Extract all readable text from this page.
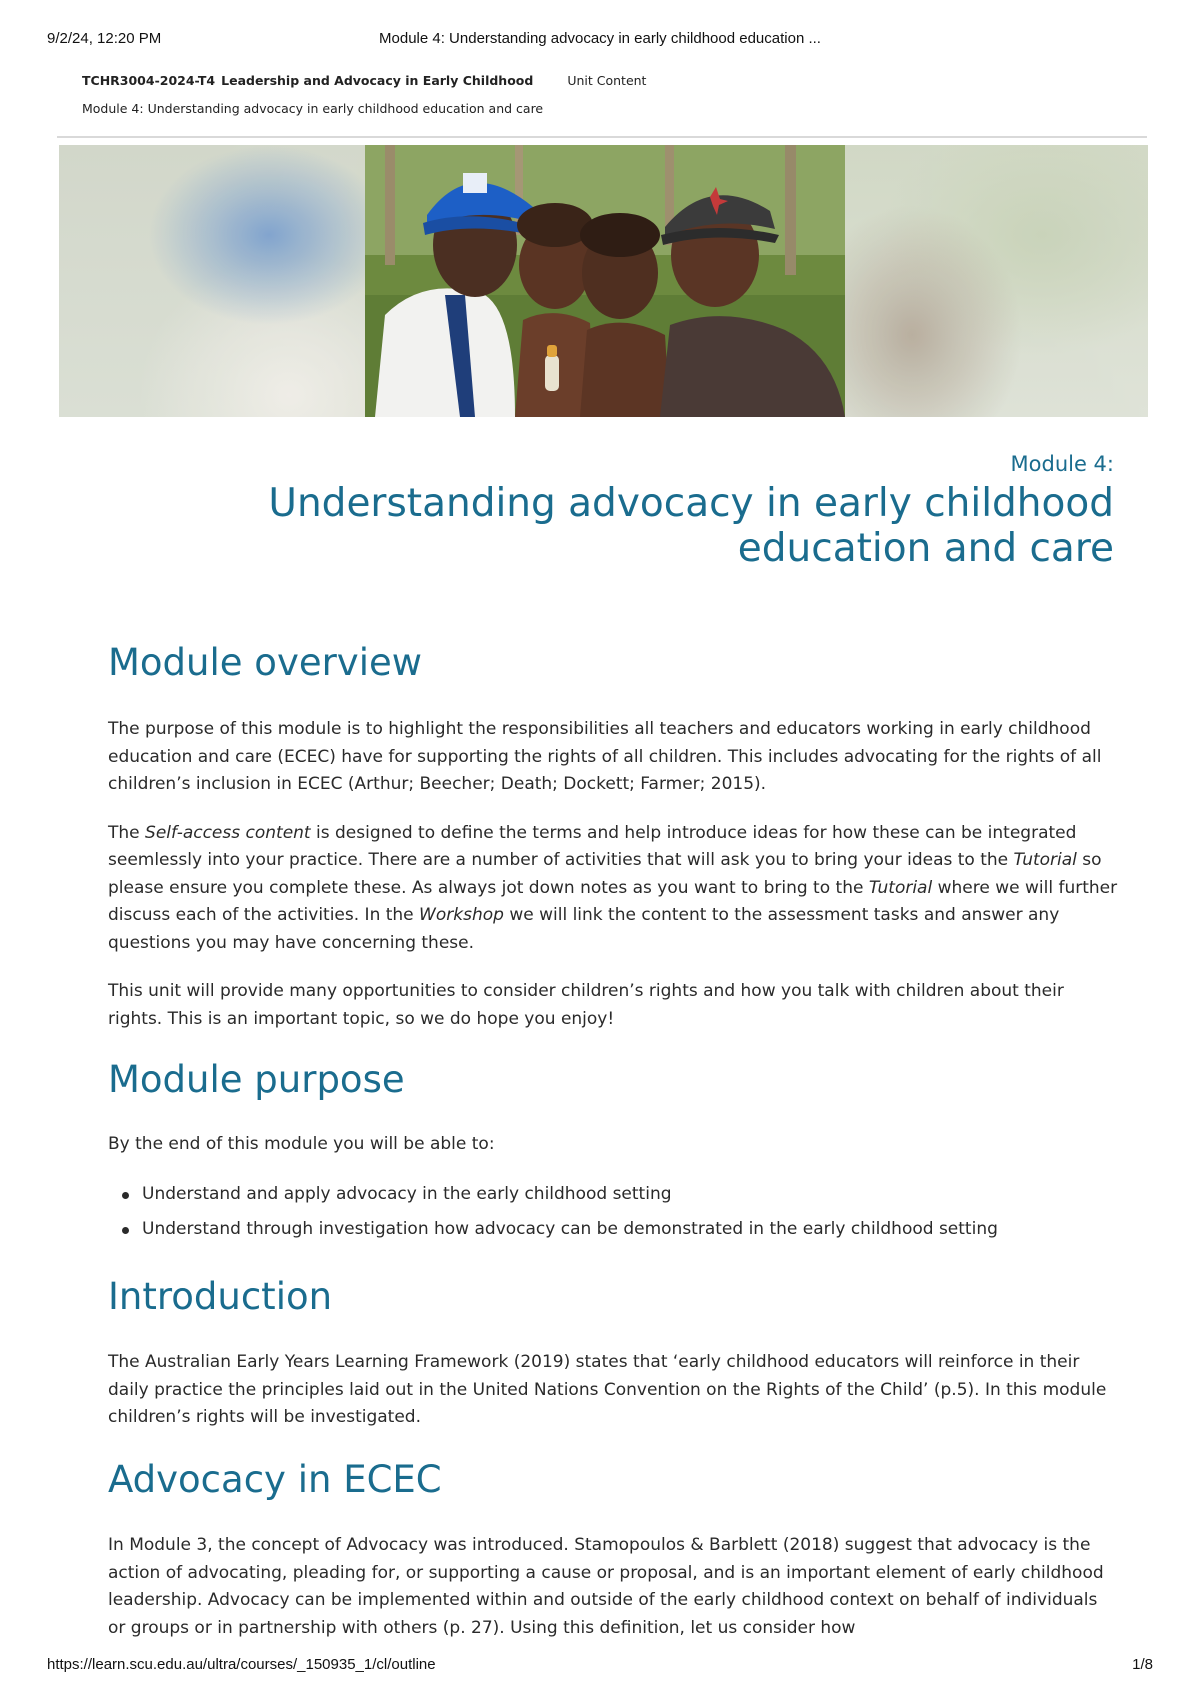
9/2/24, 12:20 PM	Module 4: Understanding advocacy in early childhood education ...
TCHR3004-2024-T4 Leadership and Advocacy in Early Childhood	Unit Content
Module 4: Understanding advocacy in early childhood education and care
Module 4:
Understanding advocacy in early childhood
education and care
Module overview

The purpose of this module is to highlight the responsibilities all teachers and educators working in early childhood education and care (ECEC) have for supporting the rights of all children. This includes advocating for the rights of all children’s inclusion in ECEC (Arthur; Beecher; Death; Dockett; Farmer; 2015).

The Self-access content is designed to define the terms and help introduce ideas for how these can be integrated seemlessly into your practice. There are a number of activities that will ask you to bring your ideas to the Tutorial so please ensure you complete these. As always jot down notes as you want to bring to the Tutorial where we will further discuss each of the activities. In the Workshop we will link the content to the assessment tasks and answer any questions you may have concerning these.

This unit will provide many opportunities to consider children’s rights and how you talk with children about their rights. This is an important topic, so we do hope you enjoy!

Module purpose

By the end of this module you will be able to:

Understand and apply advocacy in the early childhood setting
Understand through investigation how advocacy can be demonstrated in the early childhood setting
Introduction

The Australian Early Years Learning Framework (2019) states that ‘early childhood educators will reinforce in their daily practice the principles laid out in the United Nations Convention on the Rights of the Child’ (p.5). In this module children’s rights will be investigated.

Advocacy in ECEC

In Module 3, the concept of Advocacy was introduced. Stamopoulos & Barblett (2018) suggest that advocacy is the action of advocating, pleading for, or supporting a cause or proposal, and is an important element of early childhood leadership. Advocacy can be implemented within and outside of the early childhood context on behalf of individuals or groups or in partnership with others (p. 27). Using this definition, let us consider how

https://learn.scu.edu.au/ultra/courses/_150935_1/cl/outline	1/8
